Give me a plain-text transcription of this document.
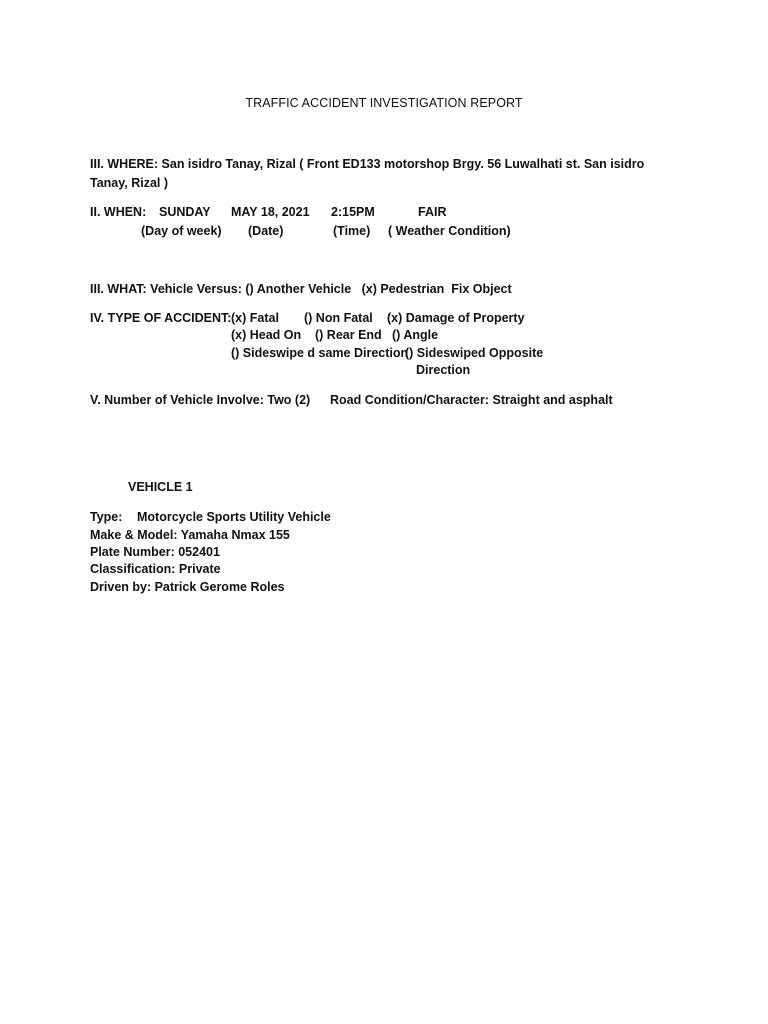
TRAFFIC ACCIDENT INVESTIGATION REPORT
III. WHERE: San isidro Tanay, Rizal ( Front ED133 motorshop Brgy. 56 Luwalhati st. San isidro Tanay, Rizal )
II. WHEN: SUNDAY MAY 18, 2021 2:15PM	FAIR
(Day of week) (Date)	(Time) ( Weather Condition)
III. WHAT: Vehicle Versus: () Another Vehicle   (x) Pedestrian  Fix Object
IV. TYPE OF ACCIDENT: (x) Fatal () Non Fatal (x) Damage of Property
(x) Head On () Rear End () Angle
() Sideswipe d same Direction
() Sideswiped Opposite
Direction
V. Number of Vehicle Involve: Two (2) Road Condition/Character: Straight and asphalt
VEHICLE 1
Type: Motorcycle Sports Utility Vehicle
Make & Model: Yamaha Nmax 155
Plate Number: 052401
Classification: Private
Driven by: Patrick Gerome Roles
